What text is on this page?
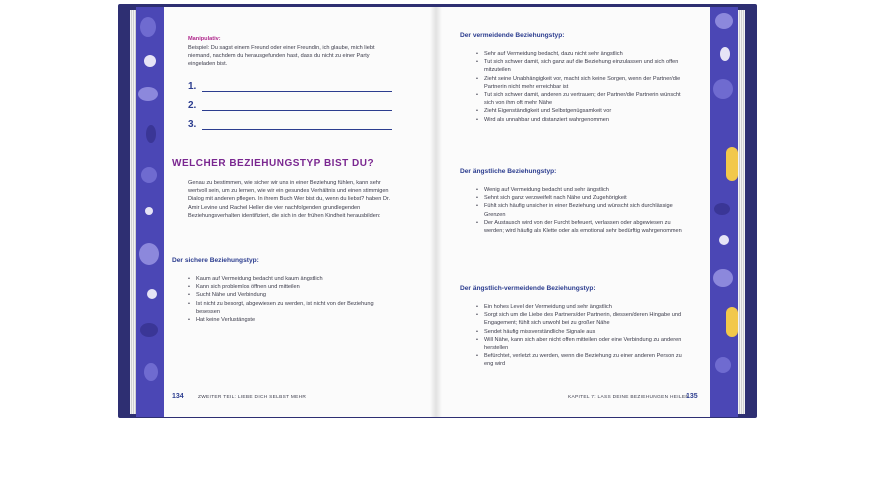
Manipulativ:
Beispiel: Du sagst einem Freund oder einer Freundin, ich glaube, mich liebt niemand, nachdem du herausgefunden hast, dass du nicht zu einer Party eingeladen bist.
1.
2.
3.
WELCHER BEZIEHUNGSTYP BIST DU?
Genau zu bestimmen, wie sicher wir uns in einer Beziehung fühlen, kann sehr wertvoll sein, um zu lernen, wie wir ein gesundes Verhältnis und einen stimmigen Dialog mit anderen pflegen. In ihrem Buch Wer bist du, wenn du liebst? haben Dr. Amir Levine und Rachel Heller die vier nachfolgenden grundlegenden Beziehungsverhalten identifiziert, die sich in der frühen Kindheit herausbilden:
Der sichere Beziehungstyp:
• Kaum auf Vermeidung bedacht und kaum ängstlich
• Kann sich problemlos öffnen und mitteilen
• Sucht Nähe und Verbindung
• Ist nicht zu besorgt, abgewiesen zu werden, ist nicht von der Beziehung besessen
• Hat keine Verlustängste
134	ZWEITER TEIL: LIEBE DICH SELBST MEHR
Der vermeidende Beziehungstyp:
• Sehr auf Vermeidung bedacht, dazu nicht sehr ängstlich
• Tut sich schwer damit, sich ganz auf die Beziehung einzulassen und sich offen mitzuteilen
• Zieht seine Unabhängigkeit vor, macht sich keine Sorgen, wenn der Partner/die Partnerin nicht mehr erreichbar ist
• Tut sich schwer damit, anderen zu vertrauen; der Partner/die Partnerin wünscht sich von ihm oft mehr Nähe
• Zieht Eigenständigkeit und Selbstgenügsamkeit vor
• Wird als unnahbar und distanziert wahrgenommen
Der ängstliche Beziehungstyp:
• Wenig auf Vermeidung bedacht und sehr ängstlich
• Sehnt sich ganz verzweifelt nach Nähe und Zugehörigkeit
• Fühlt sich häufig unsicher in einer Beziehung und wünscht sich durchlässige Grenzen
• Der Austausch wird von der Furcht befeuert, verlassen oder abgewiesen zu werden; wird häufig als Klette oder als emotional sehr bedürftig wahrgenommen
Der ängstlich-vermeidende Beziehungstyp:
• Ein hohes Level der Vermeidung und sehr ängstlich
• Sorgt sich um die Liebe des Partners/der Partnerin, diessen/deren Hingabe und Engagement; fühlt sich unwohl bei zu großer Nähe
• Sendet häufig missverständliche Signale aus
• Will Nähe, kann sich aber nicht offen mitteilen oder eine Verbindung zu anderen herstellen
• Befürchtet, verletzt zu werden, wenn die Beziehung zu einer anderen Person zu eng wird
KAPITEL 7: LASS DEINE BEZIEHUNGEN HEILEN
135
